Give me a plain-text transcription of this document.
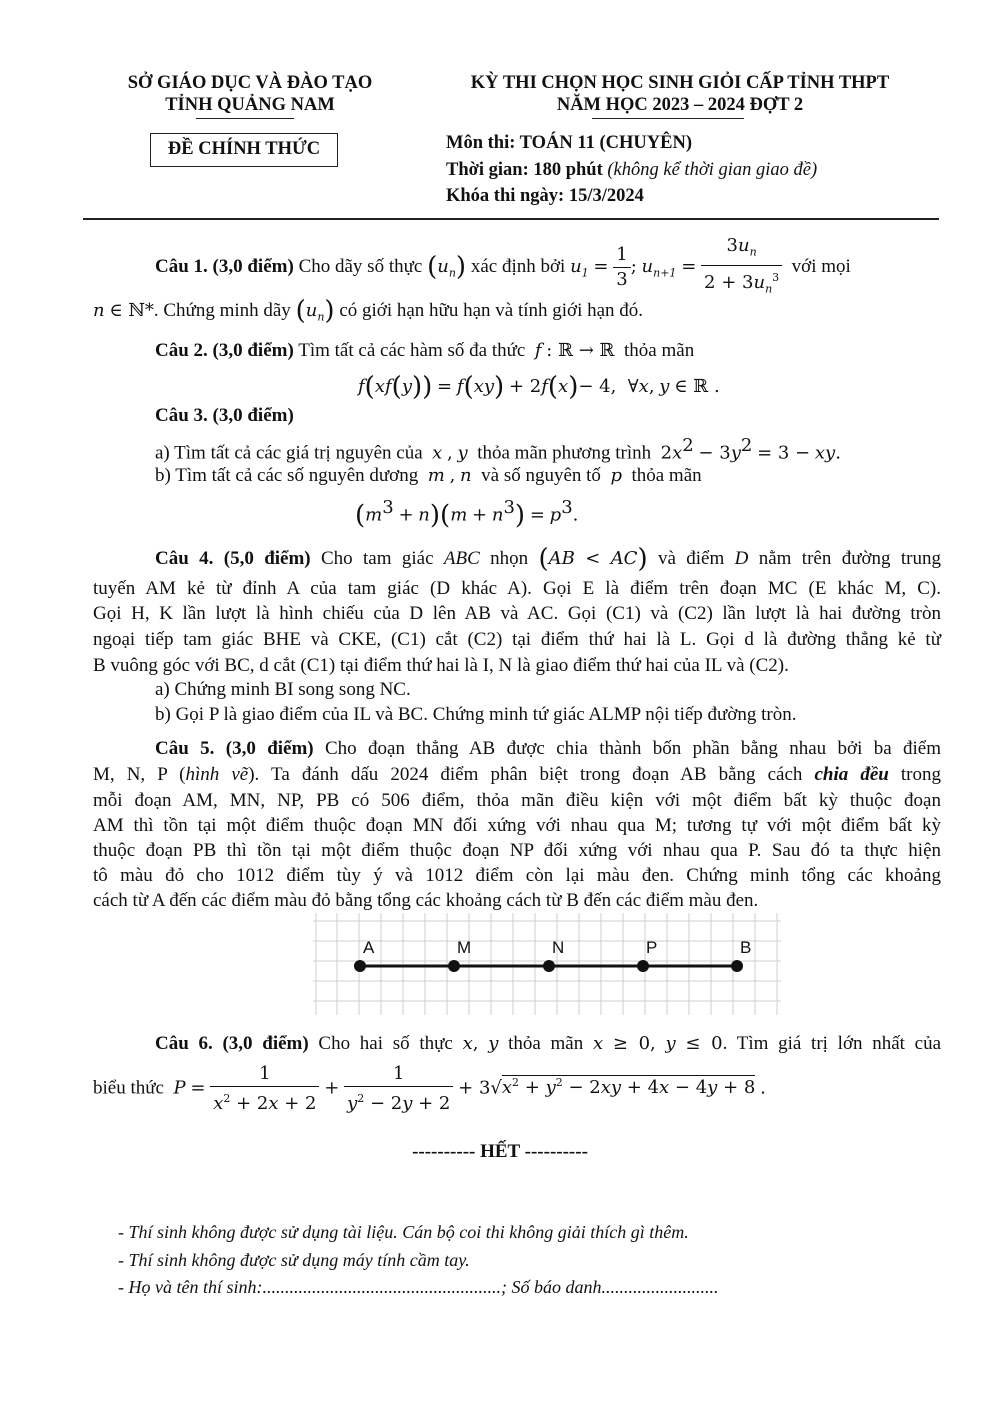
SỞ GIÁO DỤC VÀ ĐÀO TẠO
TỈNH QUẢNG NAM
ĐỀ CHÍNH THỨC
KỲ THI CHỌN HỌC SINH GIỎI CẤP TỈNH THPT
NĂM HỌC 2023 – 2024 ĐỢT 2
Môn thi: TOÁN 11 (CHUYÊN)
Thời gian: 180 phút (không kể thời gian giao đề)
Khóa thi ngày: 15/3/2024
Câu 1. (3,0 điểm) Cho dãy số thực $(u_n)$ xác định bởi $u_1 = \frac{1}{3}$ ; $u_{n+1} = \frac{3u_n}{2 + 3u_n^3}$ với mọi
n ∈ ℕ*. Chứng minh dãy $(u_n)$ có giới hạn hữu hạn và tính giới hạn đó.
Câu 2. (3,0 điểm) Tìm tất cả các hàm số đa thức f : ℝ → ℝ thỏa mãn
f(xf(y)) = f(xy) + 2f(x)− 4,  ∀x, y ∈ ℝ .
Câu 3. (3,0 điểm)
a) Tìm tất cả các giá trị nguyên của x , y thỏa mãn phương trình $2x^2 - 3y^2 = 3$ − xy.
b) Tìm tất cả các số nguyên dương m , n và số nguyên tố p thỏa mãn
$(m^3 + n)(m + n^3) = p^3$.
Câu 4. (5,0 điểm) Cho tam giác ABC nhọn (AB < AC) và điểm D nằm trên đường trung
tuyến AM kẻ từ đỉnh A của tam giác (D khác A). Gọi E là điểm trên đoạn MC (E khác M, C).
Gọi H, K lần lượt là hình chiếu của D lên AB và AC. Gọi (C1) và (C2) lần lượt là hai đường tròn
ngoại tiếp tam giác BHE và CKE, (C1) cắt (C2) tại điểm thứ hai là L. Gọi d là đường thẳng kẻ từ
B vuông góc với BC, d cắt (C1) tại điểm thứ hai là I, N là giao điểm thứ hai của IL và (C2).
a) Chứng minh BI song song NC.
b) Gọi P là giao điểm của IL và BC. Chứng minh tứ giác ALMP nội tiếp đường tròn.
Câu 5. (3,0 điểm) Cho đoạn thẳng AB được chia thành bốn phần bằng nhau bởi ba điểm
M, N, P (hình vẽ). Ta đánh dấu 2024 điểm phân biệt trong đoạn AB bằng cách chia đều trong
mỗi đoạn AM, MN, NP, PB có 506 điểm, thỏa mãn điều kiện với một điểm bất kỳ thuộc đoạn
AM thì tồn tại một điểm thuộc đoạn MN đối xứng với nhau qua M; tương tự với một điểm bất kỳ
thuộc đoạn PB thì tồn tại một điểm thuộc đoạn NP đối xứng với nhau qua P. Sau đó ta thực hiện
tô màu đỏ cho 1012 điểm tùy ý và 1012 điểm còn lại màu đen. Chứng minh tổng các khoảng
cách từ A đến các điểm màu đỏ bằng tổng các khoảng cách từ B đến các điểm màu đen.
A	M	N	P	B
Câu 6. (3,0 điểm) Cho hai số thực x, y thỏa mãn x ≥ 0, y ≤ 0. Tìm giá trị lớn nhất của
biểu thức $P = \frac{1}{x^2 + 2x + 2} + \frac{1}{y^2 - 2y + 2} + 3√x^2 + y^2 - 2xy + 4x - 4y + 8$ .
---------- HẾT ----------
- Thí sinh không được sử dụng tài liệu. Cán bộ coi thi không giải thích gì thêm.
- Thí sinh không được sử dụng máy tính cầm tay.
- Họ và tên thí sinh:.....................................................; Số báo danh..........................
